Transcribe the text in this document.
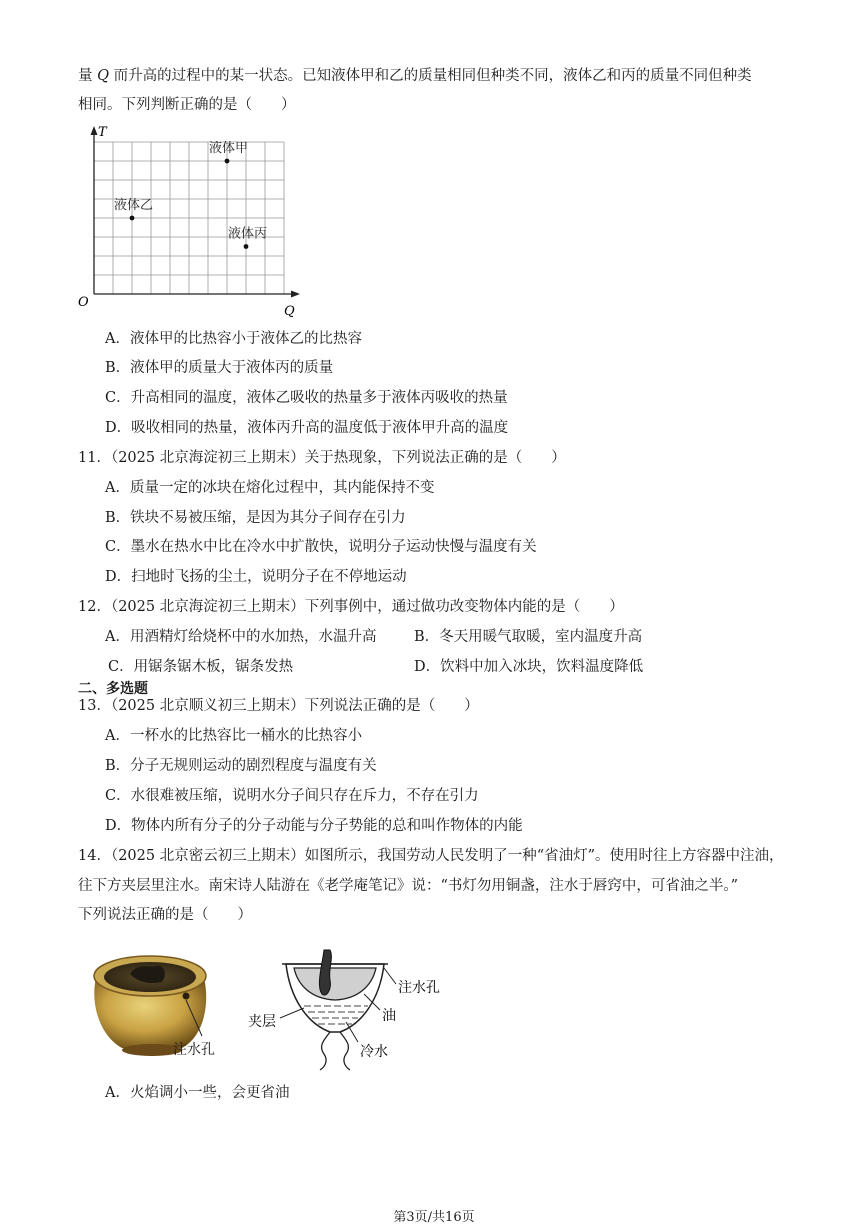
量 Q 而升高的过程中的某一状态。已知液体甲和乙的质量相同但种类不同，液体乙和丙的质量不同但种类
相同。下列判断正确的是（　　）
T
Q
O
液体甲
液体乙
液体丙
A．液体甲的比热容小于液体乙的比热容
B．液体甲的质量大于液体丙的质量
C．升高相同的温度，液体乙吸收的热量多于液体丙吸收的热量
D．吸收相同的热量，液体丙升高的温度低于液体甲升高的温度
11．（2025 北京海淀初三上期末）关于热现象，下列说法正确的是（　　）
A．质量一定的冰块在熔化过程中，其内能保持不变
B．铁块不易被压缩，是因为其分子间存在引力
C．墨水在热水中比在冷水中扩散快，说明分子运动快慢与温度有关
D．扫地时飞扬的尘土，说明分子在不停地运动
12．（2025 北京海淀初三上期末）下列事例中，通过做功改变物体内能的是（　　）
A．用酒精灯给烧杯中的水加热，水温升高	B．冬天用暖气取暖，室内温度升高
C．用锯条锯木板，锯条发热	D．饮料中加入冰块，饮料温度降低
二、多选题
13．（2025 北京顺义初三上期末）下列说法正确的是（　　）
A．一杯水的比热容比一桶水的比热容小
B．分子无规则运动的剧烈程度与温度有关
C．水很难被压缩，说明水分子间只存在斥力，不存在引力
D．物体内所有分子的分子动能与分子势能的总和叫作物体的内能
14．（2025 北京密云初三上期末）如图所示，我国劳动人民发明了一种“省油灯”。使用时往上方容器中注油，
往下方夹层里注水。南宋诗人陆游在《老学庵笔记》说：“书灯勿用铜盏，注水于唇窍中，可省油之半。”
下列说法正确的是（　　）
注水孔
注水孔
夹层	油
冷水
A．火焰调小一些，会更省油
第3页/共16页
